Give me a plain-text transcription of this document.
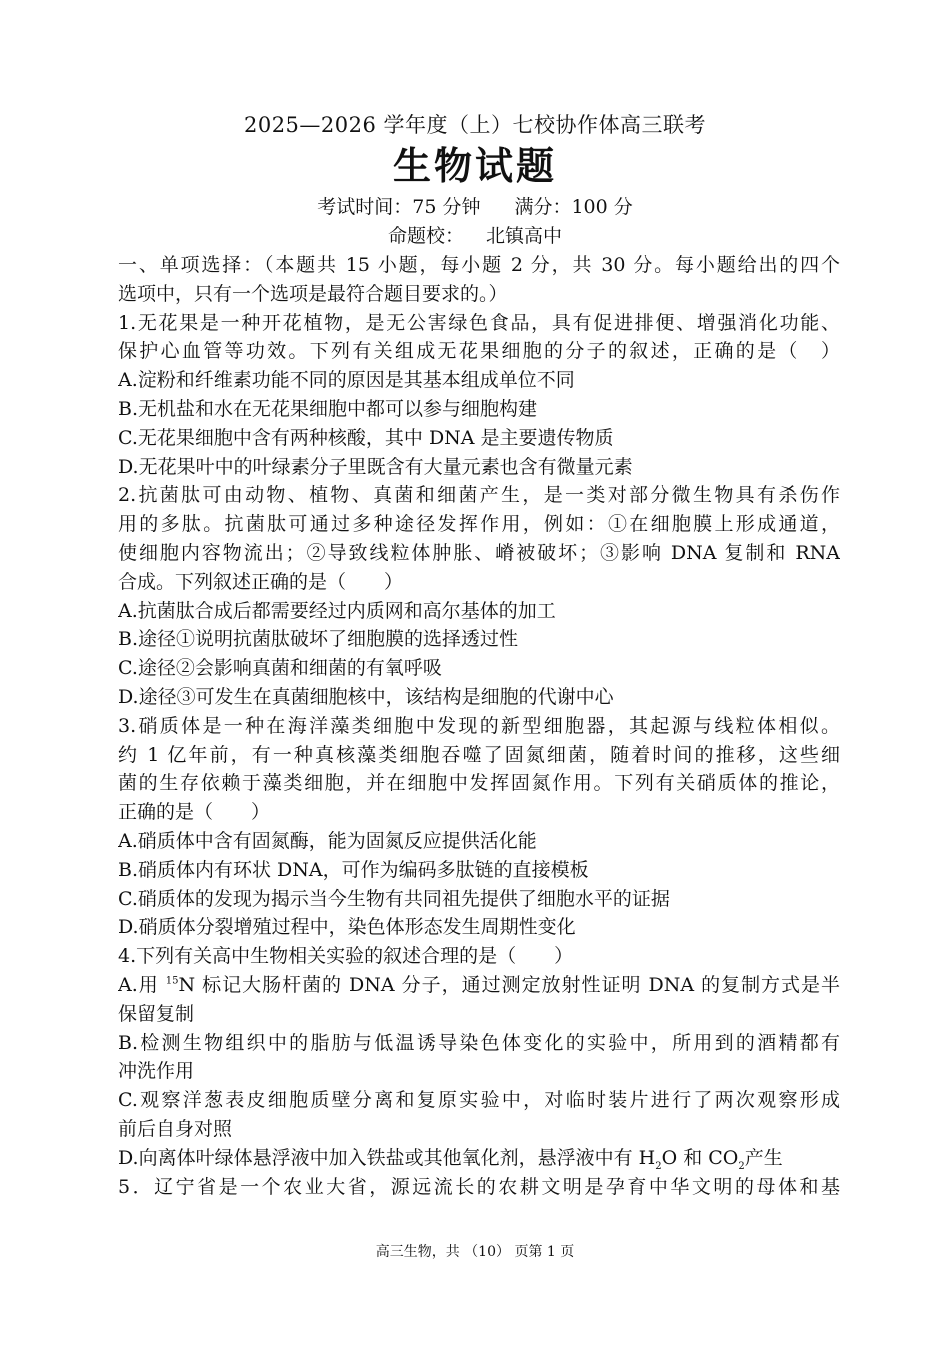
2025—2026 学年度（上）七校协作体高三联考
生物试题
考试时间：75 分钟 满分：100 分
命题校： 北镇高中
一、单项选择：（本题共 15 小题，每小题 2 分，共 30 分。每小题给出的四个
选项中，只有一个选项是最符合题目要求的。）
1.无花果是一种开花植物，是无公害绿色食品，具有促进排便、增强消化功能、
保护心血管等功效。下列有关组成无花果细胞的分子的叙述，正确的是（　）
A.淀粉和纤维素功能不同的原因是其基本组成单位不同
B.无机盐和水在无花果细胞中都可以参与细胞构建
C.无花果细胞中含有两种核酸，其中 DNA 是主要遗传物质
D.无花果叶中的叶绿素分子里既含有大量元素也含有微量元素
2.抗菌肽可由动物、植物、真菌和细菌产生，是一类对部分微生物具有杀伤作
用的多肽。抗菌肽可通过多种途径发挥作用，例如：①在细胞膜上形成通道，
使细胞内容物流出；②导致线粒体肿胀、嵴被破坏；③影响 DNA 复制和 RNA
合成。下列叙述正确的是（　　）
A.抗菌肽合成后都需要经过内质网和高尔基体的加工
B.途径①说明抗菌肽破坏了细胞膜的选择透过性
C.途径②会影响真菌和细菌的有氧呼吸
D.途径③可发生在真菌细胞核中，该结构是细胞的代谢中心
3.硝质体是一种在海洋藻类细胞中发现的新型细胞器，其起源与线粒体相似。
约 1 亿年前，有一种真核藻类细胞吞噬了固氮细菌，随着时间的推移，这些细
菌的生存依赖于藻类细胞，并在细胞中发挥固氮作用。下列有关硝质体的推论，
正确的是（　　）
A.硝质体中含有固氮酶，能为固氮反应提供活化能
B.硝质体内有环状 DNA，可作为编码多肽链的直接模板
C.硝质体的发现为揭示当今生物有共同祖先提供了细胞水平的证据
D.硝质体分裂增殖过程中，染色体形态发生周期性变化
4.下列有关高中生物相关实验的叙述合理的是（　　）
A.用 $^{15}$N 标记大肠杆菌的 DNA 分子，通过测定放射性证明 DNA 的复制方式是半
保留复制
B.检测生物组织中的脂肪与低温诱导染色体变化的实验中，所用到的酒精都有
冲洗作用
C.观察洋葱表皮细胞质壁分离和复原实验中，对临时装片进行了两次观察形成
前后自身对照
D.向离体叶绿体悬浮液中加入铁盐或其他氧化剂，悬浮液中有 $H_2O$ 和 $CO_2$产生
5．辽宁省是一个农业大省，源远流长的农耕文明是孕育中华文明的母体和基
高三生物，共 （10） 页第 1 页
